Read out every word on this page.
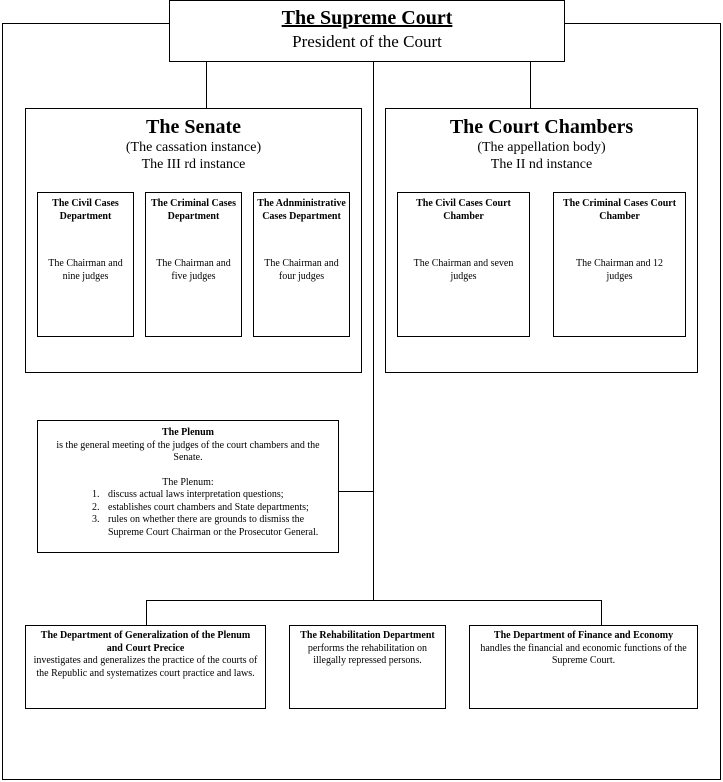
The Supreme Court
President of the Court
The Senate
(The cassation instance)
The III rd instance
The Civil Cases Department
The Chairman and nine judges
The Criminal Cases Department
The Chairman and five judges
The Adnministrative Cases Department
The Chairman and four judges
The Court Chambers
(The appellation body)
The II nd instance
The Civil Cases Court Chamber
The Chairman and seven judges
The Criminal Cases Court Chamber
The Chairman and 12 judges
The Plenum
is the general meeting of the judges of the court chambers and the Senate.
The Plenum:
1. discuss actual laws interpretation questions;
2. establishes court chambers and State departments;
3. rules on whether there are grounds to dismiss the Supreme Court Chairman or the Prosecutor General.
The Department of Generalization of the Plenum and Court Precice
investigates and generalizes the practice of the courts of the Republic and systematizes court practice and laws.
The Rehabilitation Department
performs the rehabilitation on illegally repressed persons.
The Department of Finance and Economy
handles the financial and economic functions of the Supreme Court.
